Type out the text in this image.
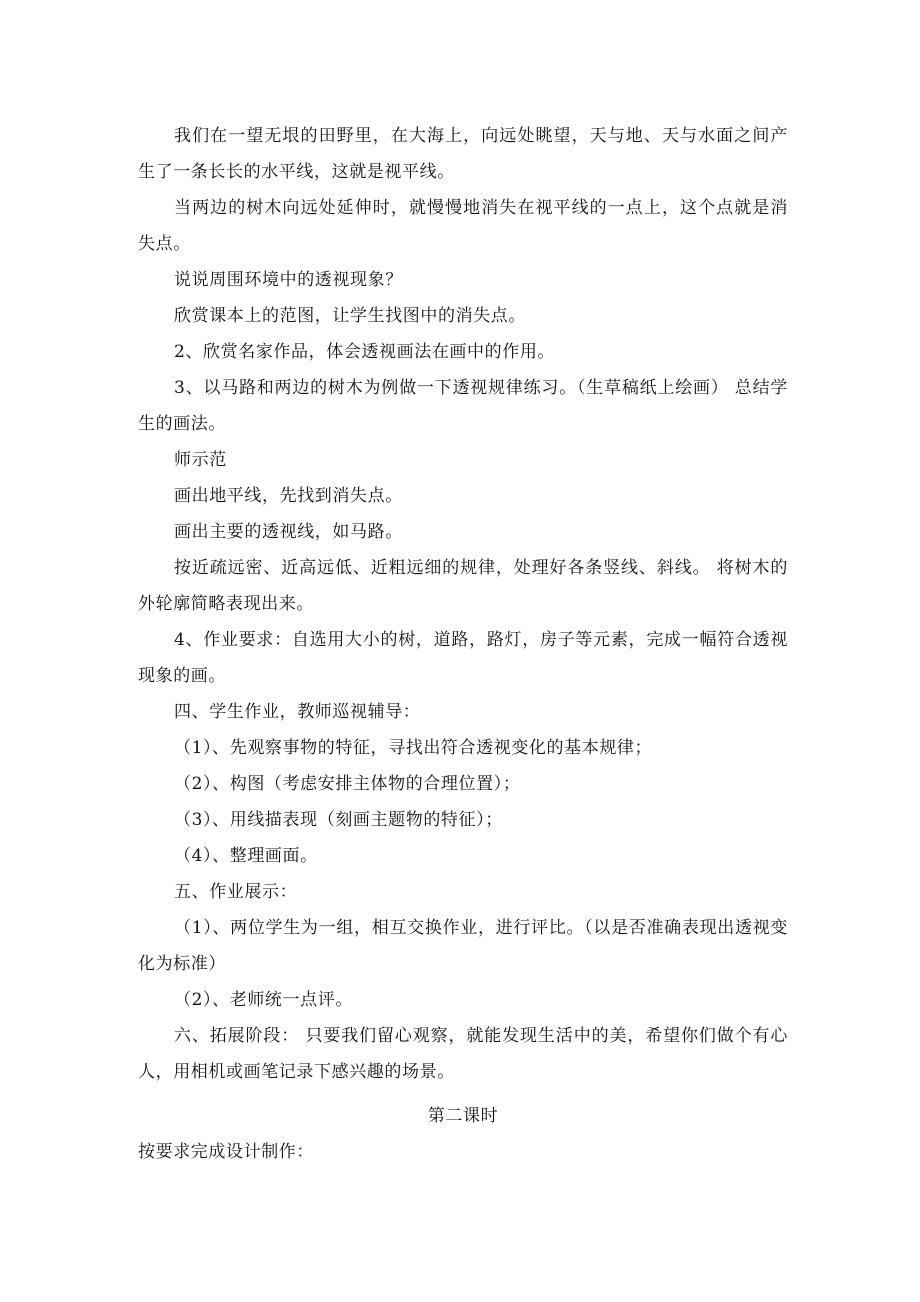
我们在一望无垠的田野里，在大海上，向远处眺望，天与地、天与水面之间产生了一条长长的水平线，这就是视平线。

当两边的树木向远处延伸时，就慢慢地消失在视平线的一点上，这个点就是消失点。

说说周围环境中的透视现象？

欣赏课本上的范图，让学生找图中的消失点。

2、欣赏名家作品，体会透视画法在画中的作用。

3、以马路和两边的树木为例做一下透视规律练习。（生草稿纸上绘画） 总结学生的画法。

师示范

画出地平线，先找到消失点。

画出主要的透视线，如马路。

按近疏远密、近高远低、近粗远细的规律，处理好各条竖线、斜线。 将树木的外轮廓简略表现出来。

4、作业要求：自选用大小的树，道路，路灯，房子等元素，完成一幅符合透视现象的画。

四、学生作业，教师巡视辅导：

（1）、先观察事物的特征，寻找出符合透视变化的基本规律；

（2）、构图（考虑安排主体物的合理位置）；

（3）、用线描表现（刻画主题物的特征）；

（4）、整理画面。

五、作业展示：

（1）、两位学生为一组，相互交换作业，进行评比。（以是否准确表现出透视变化为标准）

（2）、老师统一点评。

六、拓展阶段： 只要我们留心观察，就能发现生活中的美，希望你们做个有心人，用相机或画笔记录下感兴趣的场景。

第二课时

按要求完成设计制作：
